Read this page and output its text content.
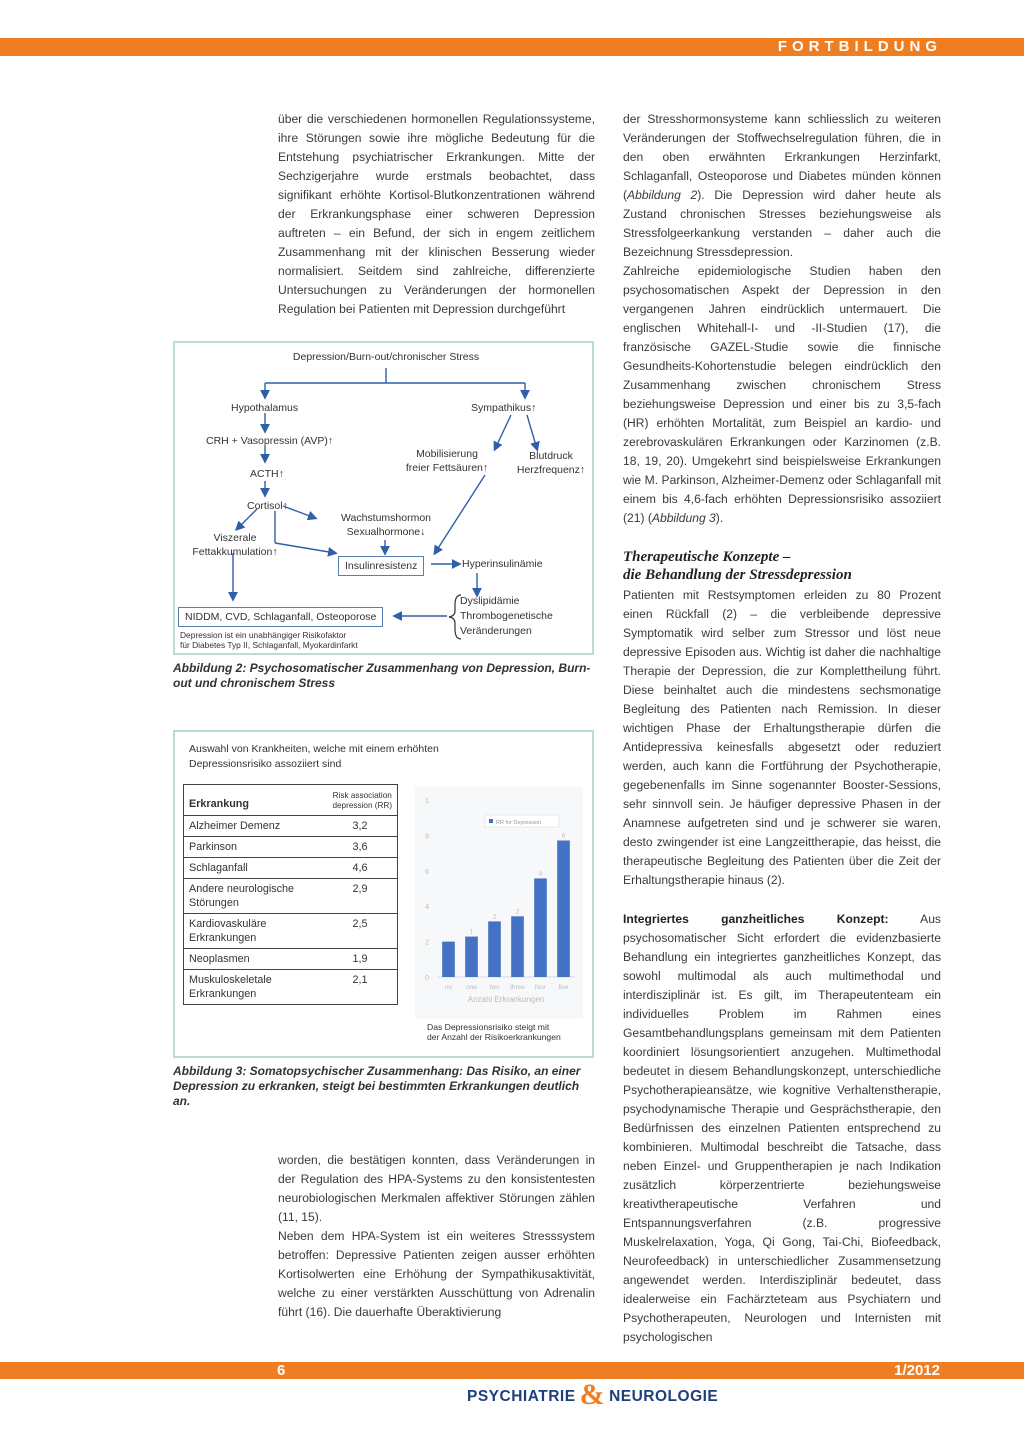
FORTBILDUNG

über die verschiedenen hormonellen Regulationssysteme, ihre Störungen sowie ihre mögliche Bedeutung für die Entstehung psychiatrischer Erkrankungen. Mitte der Sechzigerjahre wurde erstmals beobachtet, dass signifikant erhöhte Kortisol-Blutkonzentrationen während der Erkrankungsphase einer schweren Depression auftreten – ein Befund, der sich in engem zeitlichem Zusammenhang mit der klinischen Besserung wieder normalisiert. Seitdem sind zahlreiche, differenzierte Untersuchungen zu Veränderungen der hormonellen Regulation bei Patienten mit Depression durchgeführt

Depression/Burn-out/chronischer Stress
Hypothalamus	Sympathikus↑
CRH + Vasopressin (AVP)↑
ACTH↑
Cortisol↑
Mobilisierung
freier Fettsäuren↑
Blutdruck
Herzfrequenz↑
Wachstumshormon
Sexualhormone↓
Viszerale
Fettakkumulation↑
Insulinresistenz	Hyperinsulinämie
Dyslipidämie
Thrombogenetische
Veränderungen
NIDDM, CVD, Schlaganfall, Osteoporose
Depression ist ein unabhängiger Risikofaktor
für Diabetes Typ II, Schlaganfall, Myokardinfarkt
Abbildung 2: Psychosomatischer Zusammenhang von Depression, Burn-out und chronischem Stress
Auswahl von Krankheiten, welche mit einem erhöhten
Depressionsrisiko assoziiert sind
Erkrankung	Risk association depression (RR)
Alzheimer Demenz	3,2
Parkinson	3,6
Schlaganfall	4,6
Andere neurologische Störungen	2,9
Kardiovaskuläre Erkrankungen	2,5
Neoplasmen	1,9
Muskuloskeletale Erkrankungen	2,1	0
2
4
6
8
1
RR for Depression
no
1
one
2
two
2
three
4
four
6
five
Anzahl Erkrankungen
Das Depressionsrisiko steigt mit
der Anzahl der Risikoerkrankungen
Abbildung 3: Somatopsychischer Zusammenhang: Das Risiko, an einer Depression zu erkranken, steigt bei bestimmten Erkrankungen deutlich an.

worden, die bestätigen konnten, dass Veränderungen in der Regulation des HPA-Systems zu den konsistentesten neurobiologischen Merkmalen affektiver Störungen zählen (11, 15).

Neben dem HPA-System ist ein weiteres Stresssystem betroffen: Depressive Patienten zeigen ausser erhöhten Kortisolwerten eine Erhöhung der Sympathikusaktivität, welche zu einer verstärkten Ausschüttung von Adrenalin führt (16). Die dauerhafte Überaktivierung

der Stresshormonsysteme kann schliesslich zu weiteren Veränderungen der Stoffwechselregulation führen, die in den oben erwähnten Erkrankungen Herzinfarkt, Schlaganfall, Osteoporose und Diabetes münden können (Abbildung 2). Die Depression wird daher heute als Zustand chronischen Stresses beziehungsweise als Stressfolgeerkankung verstanden – daher auch die Bezeichnung Stressdepression.

Zahlreiche epidemiologische Studien haben den psychosomatischen Aspekt der Depression in den vergangenen Jahren eindrücklich untermauert. Die englischen Whitehall-I- und -II-Studien (17), die französische GAZEL-Studie sowie die finnische Gesundheits-Kohortenstudie belegen eindrücklich den Zusammenhang zwischen chronischem Stress beziehungsweise Depression und einer bis zu 3,5-fach (HR) erhöhten Mortalität, zum Beispiel an kardio- und zerebrovaskulären Erkrankungen oder Karzinomen (z.B. 18, 19, 20). Umgekehrt sind beispielsweise Erkrankungen wie M. Parkinson, Alzheimer-Demenz oder Schlaganfall mit einem bis 4,6-fach erhöhten Depressionsrisiko assoziiert (21) (Abbildung 3).

Therapeutische Konzepte –
die Behandlung der Stressdepression

Patienten mit Restsymptomen erleiden zu 80 Prozent einen Rückfall (2) – die verbleibende depressive Symptomatik wird selber zum Stressor und löst neue depressive Episoden aus. Wichtig ist daher die nachhaltige Therapie der Depression, die zur Komplettheilung führt. Diese beinhaltet auch die mindestens sechsmonatige Begleitung des Patienten nach Remission. In dieser wichtigen Phase der Erhaltungstherapie dürfen die Antidepressiva keinesfalls abgesetzt oder reduziert werden, auch kann die Fortführung der Psychotherapie, gegebenenfalls im Sinne sogenannter Booster-Sessions, sehr sinnvoll sein. Je häufiger depressive Phasen in der Anamnese aufgetreten sind und je schwerer sie waren, desto zwingender ist eine Langzeittherapie, das heisst, die therapeutische Begleitung des Patienten über die Zeit der Erhaltungstherapie hinaus (2).

Integriertes ganzheitliches Konzept:	Aus psychosomatischer Sicht erfordert die evidenzbasierte Behandlung ein integriertes ganzheitliches Konzept, das sowohl multimodal als auch multimethodal und interdisziplinär ist. Es gilt, im Therapeutenteam ein individuelles Problem im Rahmen eines Gesamtbehandlungsplans gemeinsam mit dem Patienten koordiniert lösungsorientiert anzugehen. Multimethodal bedeutet in diesem Behandlungskonzept, unterschiedliche Psychotherapieansätze, wie kognitive Verhaltenstherapie, psychodynamische Therapie und Gesprächstherapie, den Bedürfnissen des einzelnen Patienten entsprechend zu kombinieren. Multimodal beschreibt die Tatsache, dass neben Einzel- und Gruppentherapien je nach Indikation zusätzlich körperzentrierte beziehungsweise kreativtherapeutische Verfahren und Entspannungsverfahren (z.B. progressive Muskelrelaxation, Yoga, Qi Gong, Tai-Chi, Biofeedback, Neurofeedback) in unterschiedlicher Zusammensetzung angewendet werden. Interdisziplinär bedeutet, dass idealerweise ein Fachärzteteam aus Psychiatern und Psychotherapeuten, Neurologen und Internisten mit psychologischen

6	1/2012
PSYCHIATRIE & NEUROLOGIE
